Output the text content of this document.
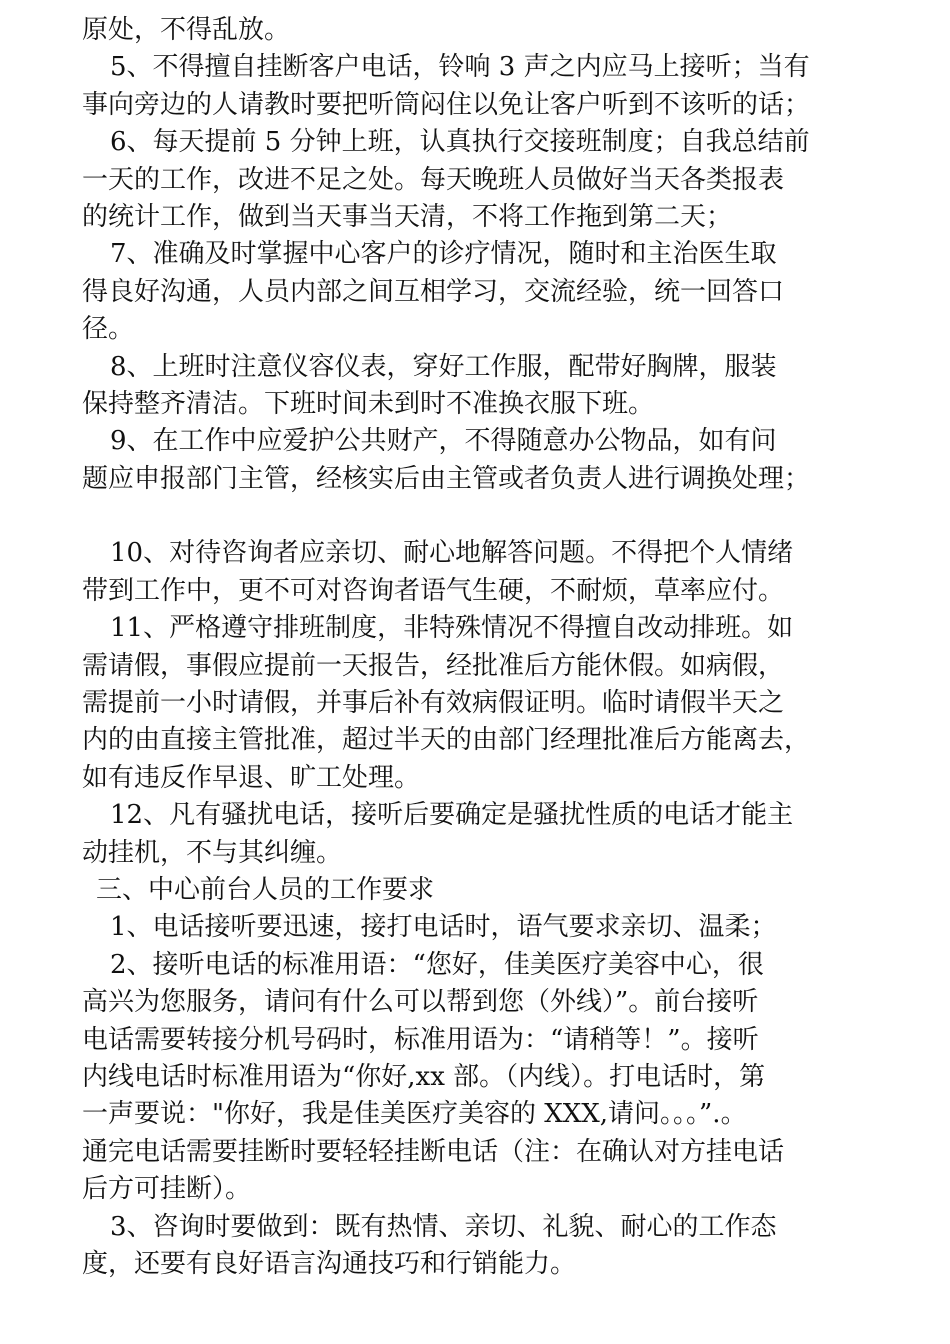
原处，不得乱放。
5、不得擅自挂断客户电话，铃响 3 声之内应马上接听；当有
事向旁边的人请教时要把听筒闷住以免让客户听到不该听的话；
6、每天提前 5 分钟上班，认真执行交接班制度；自我总结前
一天的工作，改进不足之处。每天晚班人员做好当天各类报表
的统计工作，做到当天事当天清，不将工作拖到第二天；
7、准确及时掌握中心客户的诊疗情况，随时和主治医生取
得良好沟通，人员内部之间互相学习，交流经验，统一回答口
径。
8、上班时注意仪容仪表，穿好工作服，配带好胸牌，服装
保持整齐清洁。下班时间未到时不准换衣服下班。
9、在工作中应爱护公共财产，不得随意办公物品，如有问
题应申报部门主管，经核实后由主管或者负责人进行调换处理；
10、对待咨询者应亲切、耐心地解答问题。不得把个人情绪
带到工作中，更不可对咨询者语气生硬，不耐烦，草率应付。
11、严格遵守排班制度，非特殊情况不得擅自改动排班。如
需请假，事假应提前一天报告，经批准后方能休假。如病假，
需提前一小时请假，并事后补有效病假证明。临时请假半天之
内的由直接主管批准，超过半天的由部门经理批准后方能离去，
如有违反作早退、旷工处理。
12、凡有骚扰电话，接听后要确定是骚扰性质的电话才能主
动挂机，不与其纠缠。
三、中心前台人员的工作要求
1、电话接听要迅速，接打电话时，语气要求亲切、温柔；
2、接听电话的标准用语：“您好，佳美医疗美容中心，很
高兴为您服务，请问有什么可以帮到您（外线）”。前台接听
电话需要转接分机号码时，标准用语为：“请稍等！”。接听
内线电话时标准用语为“你好,xx 部。（内线）。打电话时，第
一声要说："你好，我是佳美医疗美容的 XXX,请问。。。”.。
通完电话需要挂断时要轻轻挂断电话（注：在确认对方挂电话
后方可挂断）。
3、咨询时要做到：既有热情、亲切、礼貌、耐心的工作态
度，还要有良好语言沟通技巧和行销能力。
